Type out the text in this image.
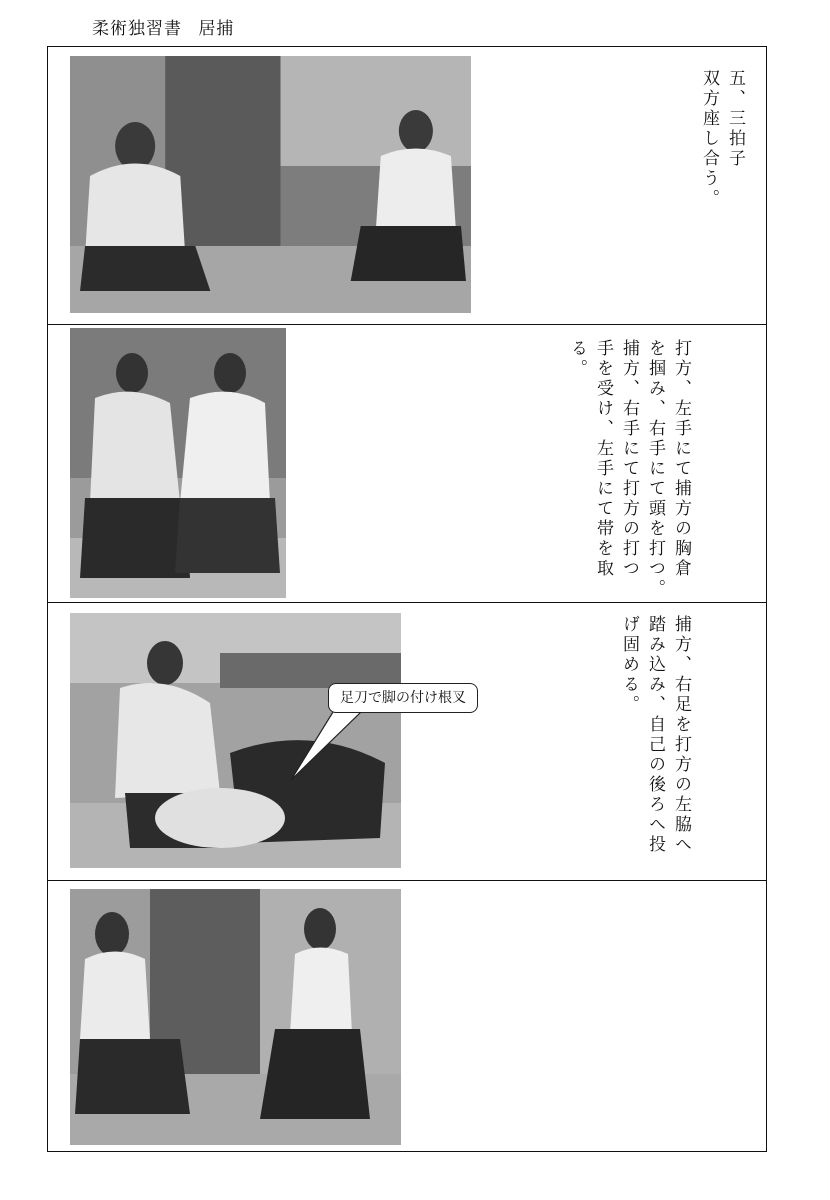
柔術独習書 居捕
五、三拍子
双方座し合う。
打方、左手にて捕方の胸倉
を掴み、右手にて頭を打つ。
捕方、右手にて打方の打つ
手を受け、左手にて帯を取
る。
足刀で脚の付け根叉	捕方、右足を打方の左脇へ
踏み込み、自己の後ろへ投
げ固める。
